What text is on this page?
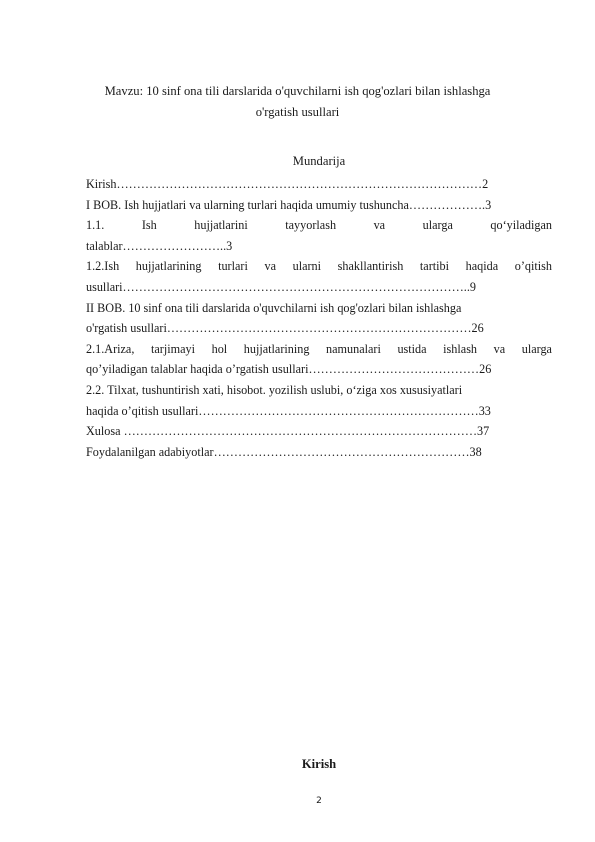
Mavzu: 10 sinf ona tili darslarida o'quvchilarni ish qog'ozlari bilan ishlashga
o'rgatish usullari
Mundarija
Kirish………………………………………………………………………………2
I BOB. Ish hujjatlari va ularning turlari haqida umumiy tushuncha……………….3
1.1.	Ish	hujjatlarini	tayyorlash	va	ularga	qo‘yiladigan
talablar……………………..3
1.2.Ish hujjatlarining turlari va ularni shakllantirish tartibi haqida o’qitish
usullari…………………………………………………………………………..9
II BOB. 10 sinf ona tili darslarida o'quvchilarni ish qog'ozlari bilan ishlashga
o'rgatish usullari…………………………………………………………………26
2.1.Ariza, tarjimayi hol hujjatlarining namunalari ustida ishlash va ularga
qo’yiladigan talablar haqida o’rgatish usullari……………………………………26
2.2. Tilxat, tushuntirish xati, hisobot. yozilish uslubi, o‘ziga xos xususiyatlari
haqida o’qitish usullari……………………………………………………………33
Xulosa ……………………………………………………………………………37
Foydalanilgan adabiyotlar………………………………………………………38
Kirish
2
